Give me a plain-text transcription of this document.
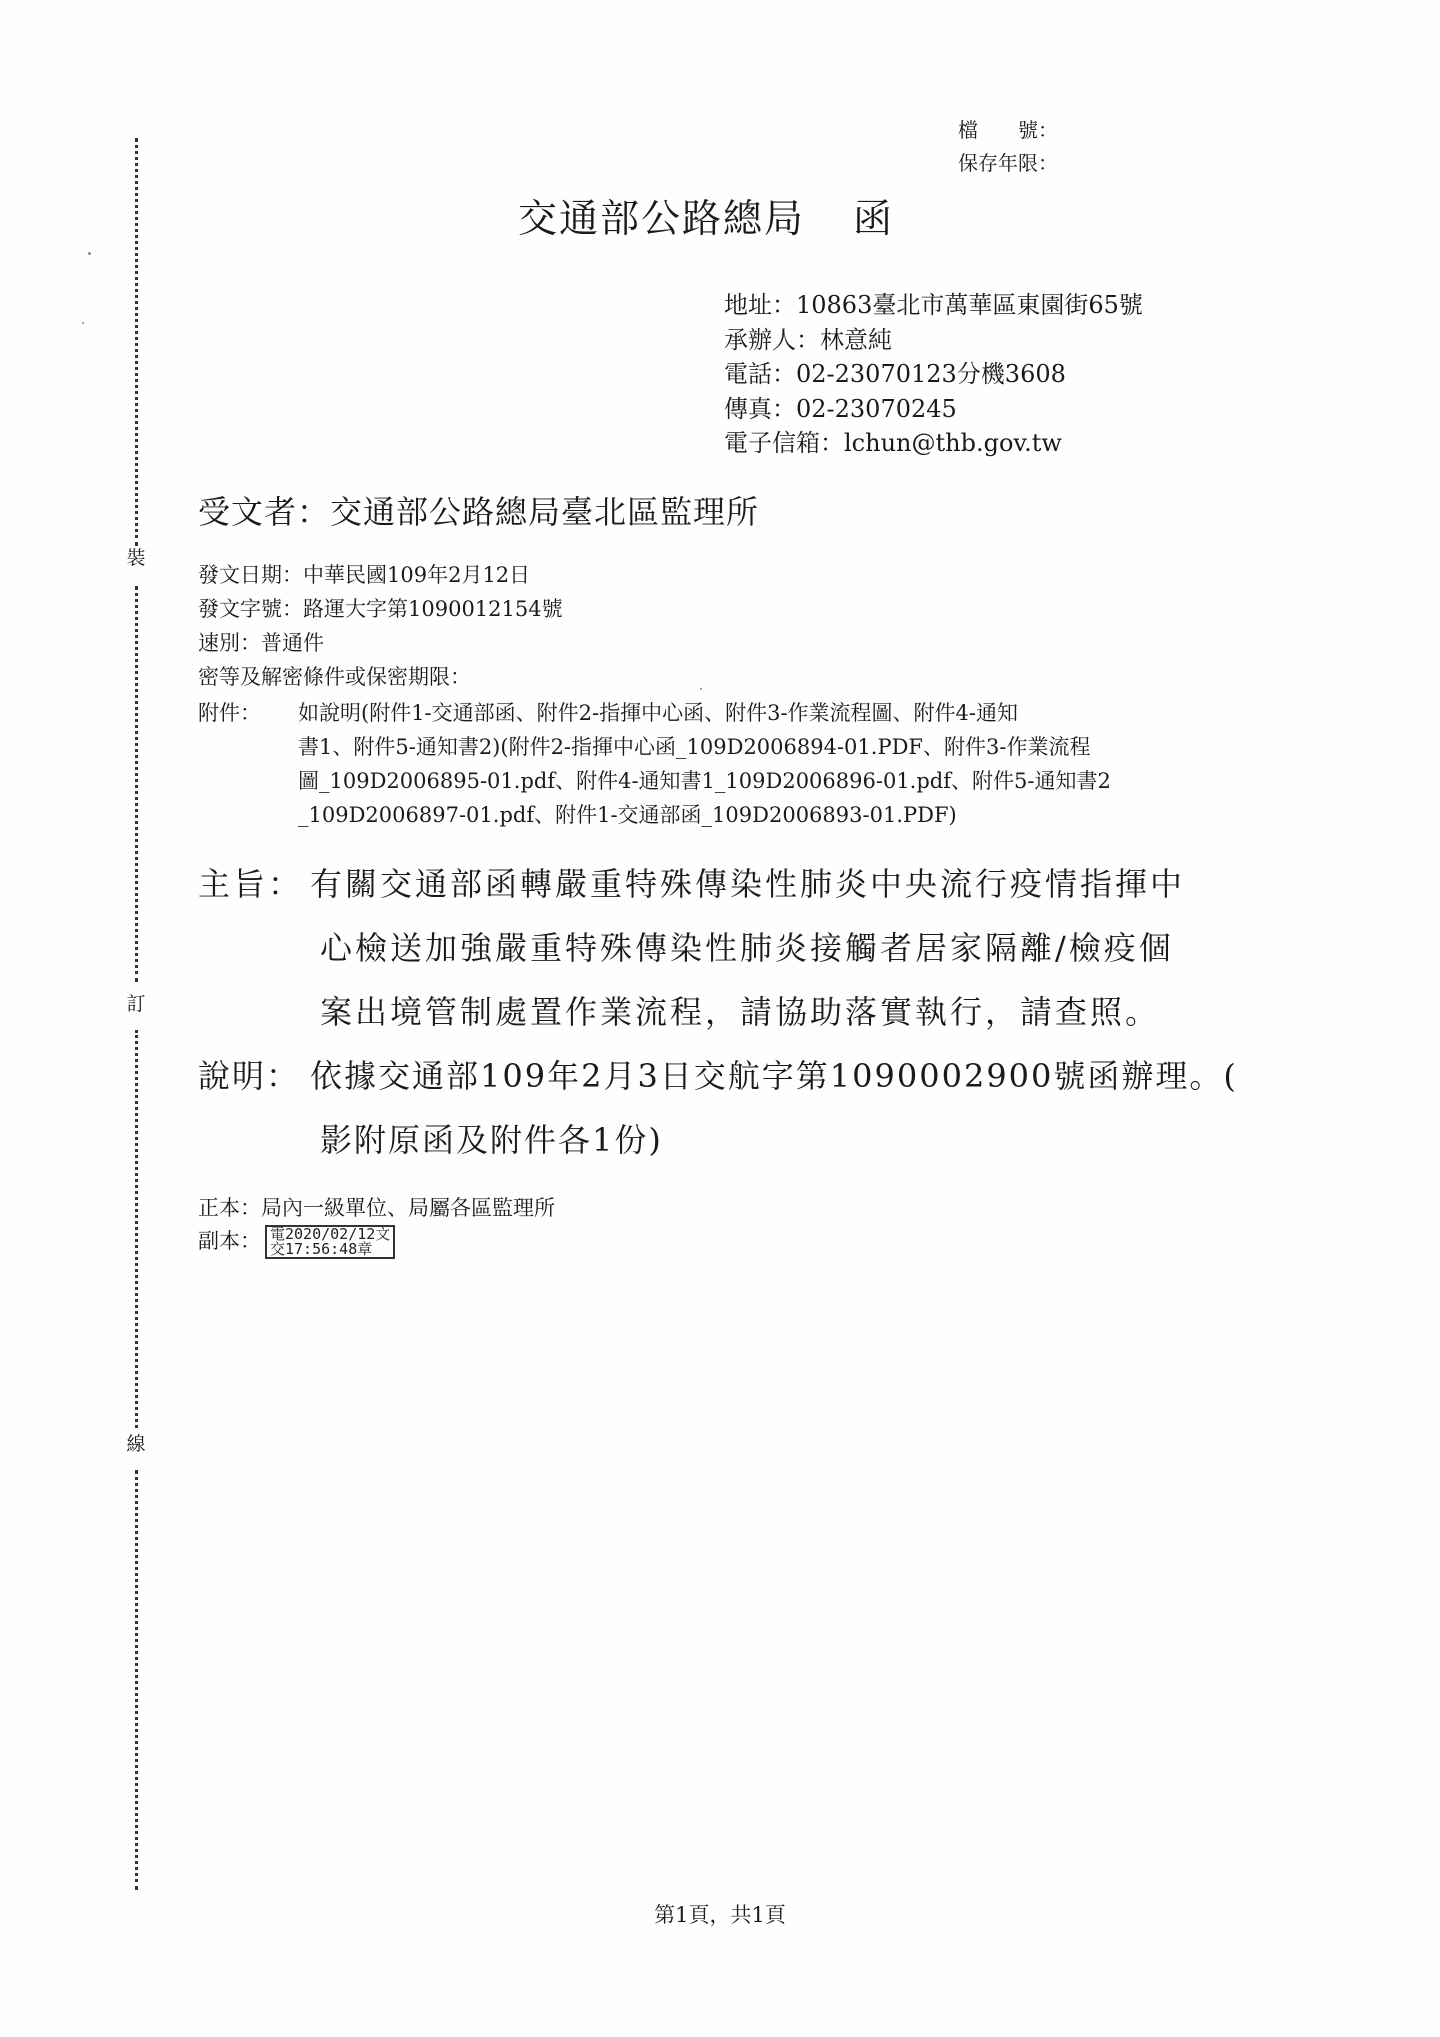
裝
訂
線
檔　　號：
保存年限：
交通部公路總局 函
地址：10863臺北市萬華區東園街65號
承辦人：林意純
電話：02-23070123分機3608
傳真：02-23070245
電子信箱：lchun@thb.gov.tw
受文者：交通部公路總局臺北區監理所
發文日期：中華民國109年2月12日
發文字號：路運大字第1090012154號
速別：普通件
密等及解密條件或保密期限：
附件： 如說明(附件1-交通部函、附件2-指揮中心函、附件3-作業流程圖、附件4-通知
書1、附件5-通知書2)(附件2-指揮中心函_109D2006894-01.PDF、附件3-作業流程
圖_109D2006895-01.pdf、附件4-通知書1_109D2006896-01.pdf、附件5-通知書2
_109D2006897-01.pdf、附件1-交通部函_109D2006893-01.PDF)
主旨： 有關交通部函轉嚴重特殊傳染性肺炎中央流行疫情指揮中
心檢送加強嚴重特殊傳染性肺炎接觸者居家隔離/檢疫個
案出境管制處置作業流程，請協助落實執行，請查照。
說明： 依據交通部109年2月3日交航字第1090002900號函辦理。(
影附原函及附件各1份)
正本：局內一級單位、局屬各區監理所
副本： 電2020/02/12文
交17:56:48章
第1頁，共1頁
